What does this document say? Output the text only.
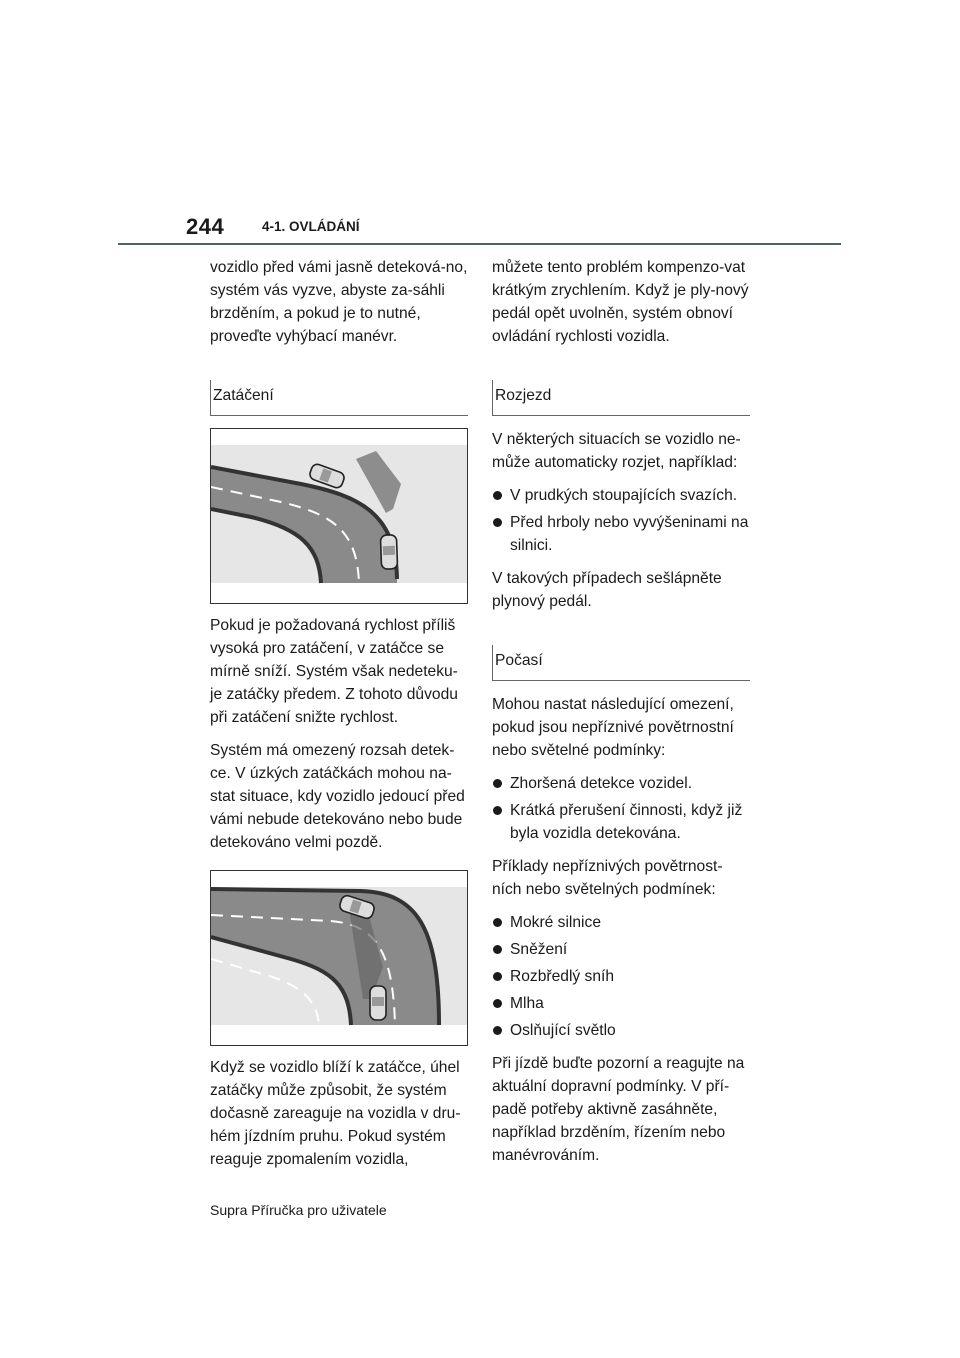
244	4-1. OVLÁDÁNÍ

vozidlo před vámi jasně deteková-no, systém vás vyzve, abyste za-sáhli brzděním, a pokud je to nutné, proveďte vyhýbací manévr.

Zatáčení

Pokud je požadovaná rychlost příliš vysoká pro zatáčení, v zatáčce se mírně sníží. Systém však nedeteku-je zatáčky předem. Z tohoto důvodu při zatáčení snižte rychlost.

Systém má omezený rozsah detek-ce. V úzkých zatáčkách mohou na-stat situace, kdy vozidlo jedoucí před vámi nebude detekováno nebo bude detekováno velmi pozdě.

Když se vozidlo blíží k zatáčce, úhel zatáčky může způsobit, že systém dočasně zareaguje na vozidla v dru-hém jízdním pruhu. Pokud systém reaguje zpomalením vozidla,

můžete tento problém kompenzo-vat krátkým zrychlením. Když je ply-nový pedál opět uvolněn, systém obnoví ovládání rychlosti vozidla.

Rozjezd

V některých situacích se vozidlo ne-může automaticky rozjet, například:

V prudkých stoupajících svazích.
Před hrboly nebo vyvýšeninami na silnici.

V takových případech sešlápněte plynový pedál.

Počasí

Mohou nastat následující omezení, pokud jsou nepříznivé povětrnostní nebo světelné podmínky:

Zhoršená detekce vozidel.
Krátká přerušení činnosti, když již byla vozidla detekována.

Příklady nepříznivých povětrnost-ních nebo světelných podmínek:

Mokré silnice
Sněžení
Rozbředlý sníh
Mlha
Oslňující světlo

Při jízdě buďte pozorní a reagujte na aktuální dopravní podmínky. V pří-padě potřeby aktivně zasáhněte, například brzděním, řízením nebo manévrováním.

Supra Příručka pro uživatele
